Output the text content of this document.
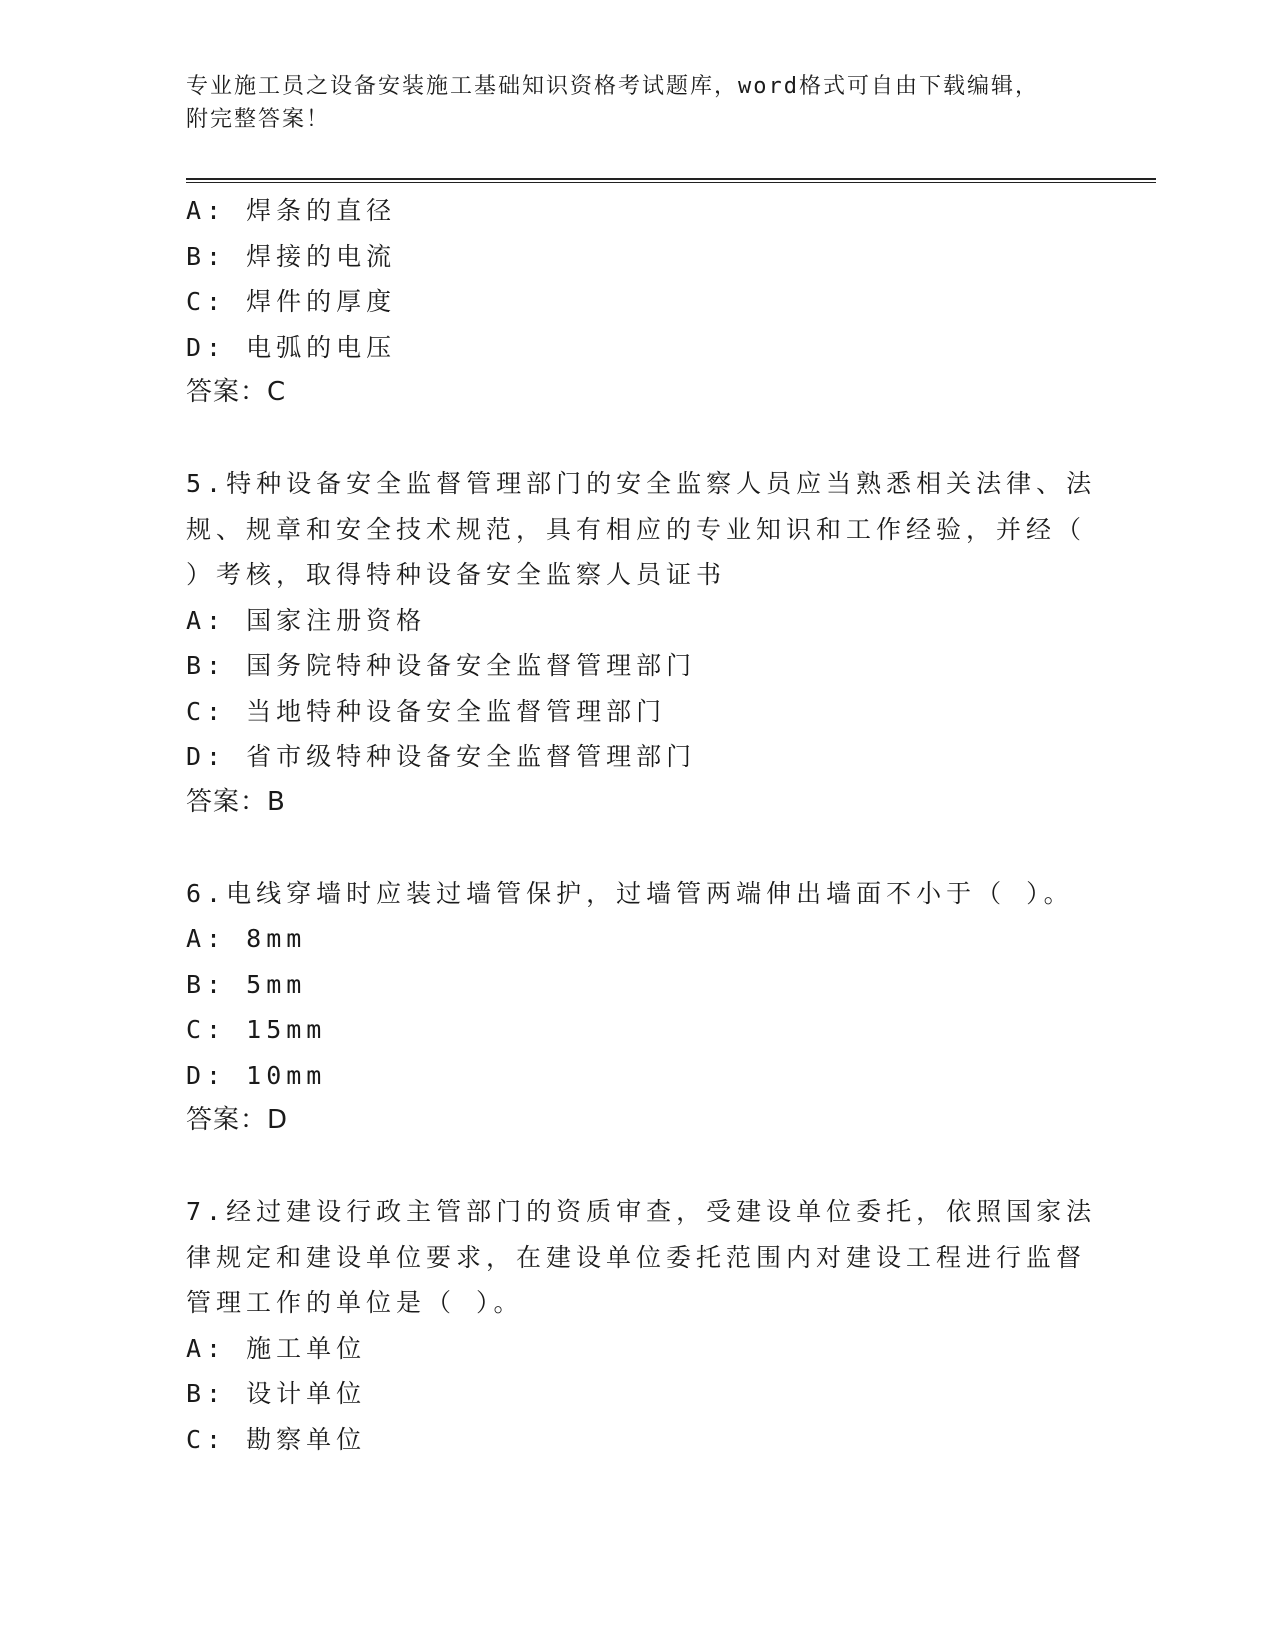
专业施工员之设备安装施工基础知识资格考试题库，word格式可自由下载编辑，
附完整答案！
A: 焊条的直径
B: 焊接的电流
C: 焊件的厚度
D: 电弧的电压
答案：C
5.特种设备安全监督管理部门的安全监察人员应当熟悉相关法律、法
规、规章和安全技术规范，具有相应的专业知识和工作经验，并经（
）考核，取得特种设备安全监察人员证书
A: 国家注册资格
B: 国务院特种设备安全监督管理部门
C: 当地特种设备安全监督管理部门
D: 省市级特种设备安全监督管理部门
答案：B
6.电线穿墙时应装过墙管保护，过墙管两端伸出墙面不小于（ ）。
A: 8mm
B: 5mm
C: 15mm
D: 10mm
答案：D
7.经过建设行政主管部门的资质审查，受建设单位委托，依照国家法
律规定和建设单位要求，在建设单位委托范围内对建设工程进行监督
管理工作的单位是（ ）。
A: 施工单位
B: 设计单位
C: 勘察单位
